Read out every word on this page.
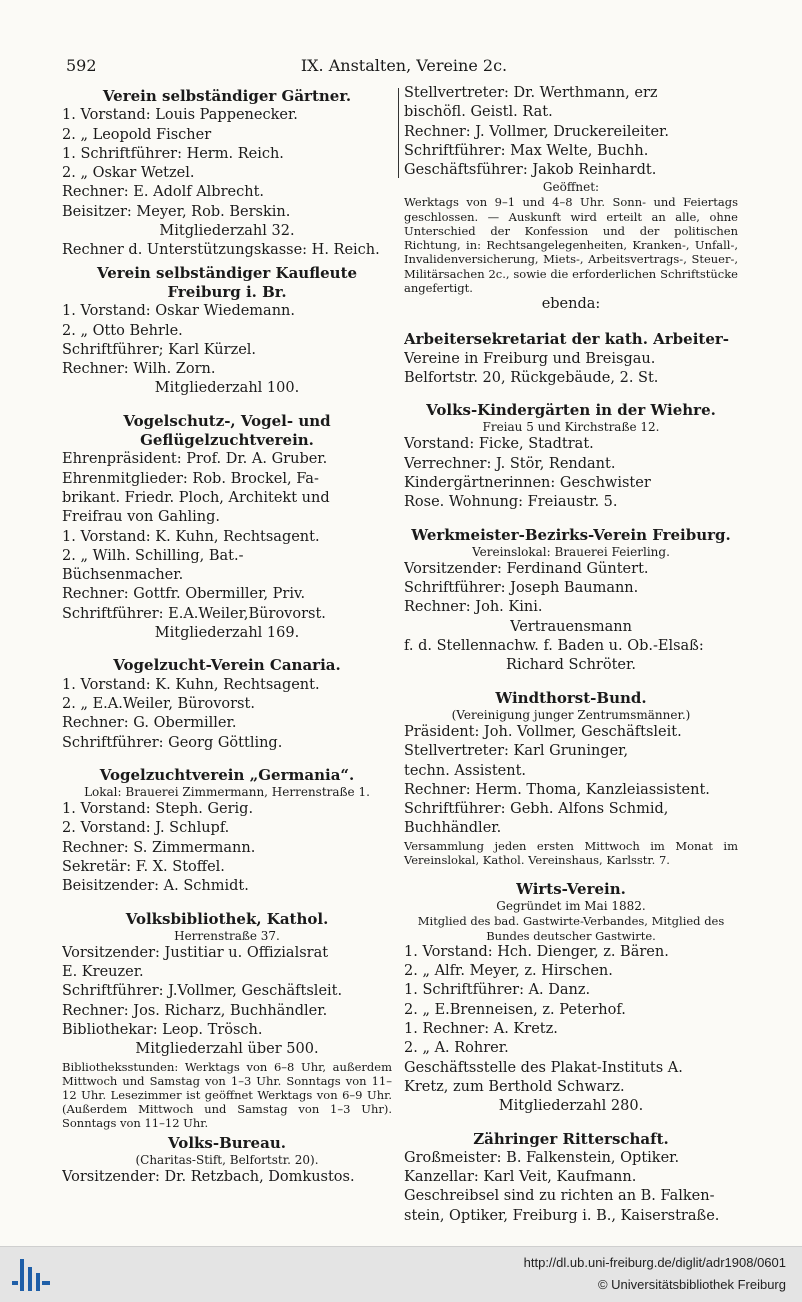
592	IX. Anstalten, Vereine 2c.
Verein selbständiger Gärtner.
1. Vorstand: Louis Pappenecker.
2. „ Leopold Fischer
1. Schriftführer: Herm. Reich.
2. „ Oskar Wetzel.
Rechner: E. Adolf Albrecht.
Beisitzer: Meyer, Rob. Berskin.
Mitgliederzahl 32.
Rechner d. Unterstützungskasse: H. Reich.
Verein selbständiger Kaufleute Freiburg i. Br.
1. Vorstand: Oskar Wiedemann.
2. „ Otto Behrle.
Schriftführer; Karl Kürzel.
Rechner: Wilh. Zorn.
Mitgliederzahl 100.
Vogelschutz-, Vogel- und Geflügelzuchtverein.
Ehrenpräsident: Prof. Dr. A. Gruber.
Ehrenmitglieder: Rob. Brockel, Fa-
brikant. Friedr. Ploch, Architekt und
Freifrau von Gahling.
1. Vorstand: K. Kuhn, Rechtsagent.
2. „ Wilh. Schilling, Bat.-
Büchsenmacher.
Rechner: Gottfr. Obermiller, Priv.
Schriftführer: E.A.Weiler,Bürovorst.
Mitgliederzahl 169.
Vogelzucht-Verein Canaria.
1. Vorstand: K. Kuhn, Rechtsagent.
2. „ E.A.Weiler, Bürovorst.
Rechner: G. Obermiller.
Schriftführer: Georg Göttling.
Vogelzuchtverein „Germania“.
Lokal: Brauerei Zimmermann, Herrenstraße 1.
1. Vorstand: Steph. Gerig.
2. Vorstand: J. Schlupf.
Rechner: S. Zimmermann.
Sekretär: F. X. Stoffel.
Beisitzender: A. Schmidt.
Volksbibliothek, Kathol.
Herrenstraße 37.
Vorsitzender: Justitiar u. Offizialsrat
E. Kreuzer.
Schriftführer: J.Vollmer, Geschäftsleit.
Rechner: Jos. Richarz, Buchhändler.
Bibliothekar: Leop. Trösch.
Mitgliederzahl über 500.
Bibliotheksstunden: Werktags von 6–8 Uhr, außerdem Mittwoch und Samstag von 1–3 Uhr. Sonntags von 11–12 Uhr. Lesezimmer ist geöffnet Werktags von 6–9 Uhr. (Außerdem Mittwoch und Samstag von 1–3 Uhr). Sonntags von 11–12 Uhr.
Volks-Bureau.
(Charitas-Stift, Belfortstr. 20).
Vorsitzender: Dr. Retzbach, Domkustos.
Stellvertreter: Dr. Werthmann, erz
bischöfl. Geistl. Rat.
Rechner: J. Vollmer, Druckereileiter.
Schriftführer: Max Welte, Buchh.
Geschäftsführer: Jakob Reinhardt.
Geöffnet:
Werktags von 9–1 und 4–8 Uhr. Sonn- und Feiertags geschlossen. — Auskunft wird erteilt an alle, ohne Unterschied der Konfession und der politischen Richtung, in: Rechtsangelegenheiten, Kranken-, Unfall-, Invalidenversicherung, Miets-, Arbeitsvertrags-, Steuer-, Militärsachen 2c., sowie die erforderlichen Schriftstücke angefertigt.
ebenda:
Arbeitersekretariat der kath. Arbeiter-
Vereine in Freiburg und Breisgau.
Belfortstr. 20, Rückgebäude, 2. St.
Volks-Kindergärten in der Wiehre.
Freiau 5 und Kirchstraße 12.
Vorstand: Ficke, Stadtrat.
Verrechner: J. Stör, Rendant.
Kindergärtnerinnen: Geschwister
Rose. Wohnung: Freiaustr. 5.
Werkmeister-Bezirks-Verein Freiburg.
Vereinslokal: Brauerei Feierling.
Vorsitzender: Ferdinand Güntert.
Schriftführer: Joseph Baumann.
Rechner: Joh. Kini.
Vertrauensmann
f. d. Stellennachw. f. Baden u. Ob.-Elsaß:
Richard Schröter.
Windthorst-Bund.
(Vereinigung junger Zentrumsmänner.)
Präsident: Joh. Vollmer, Geschäftsleit.
Stellvertreter: Karl Gruninger,
techn. Assistent.
Rechner: Herm. Thoma, Kanzleiassistent.
Schriftführer: Gebh. Alfons Schmid,
Buchhändler.
Versammlung jeden ersten Mittwoch im Monat im Vereinslokal, Kathol. Vereinshaus, Karlsstr. 7.
Wirts-Verein.
Gegründet im Mai 1882.
Mitglied des bad. Gastwirte-Verbandes, Mitglied des Bundes deutscher Gastwirte.
1. Vorstand: Hch. Dienger, z. Bären.
2. „ Alfr. Meyer, z. Hirschen.
1. Schriftführer: A. Danz.
2. „ E.Brenneisen, z. Peterhof.
1. Rechner: A. Kretz.
2. „ A. Rohrer.
Geschäftsstelle des Plakat-Instituts A.
Kretz, zum Berthold Schwarz.
Mitgliederzahl 280.
Zähringer Ritterschaft.
Großmeister: B. Falkenstein, Optiker.
Kanzellar: Karl Veit, Kaufmann.
Geschreibsel sind zu richten an B. Falken-
stein, Optiker, Freiburg i. B., Kaiserstraße.
http://dl.ub.uni-freiburg.de/diglit/adr1908/0601
© Universitätsbibliothek Freiburg
